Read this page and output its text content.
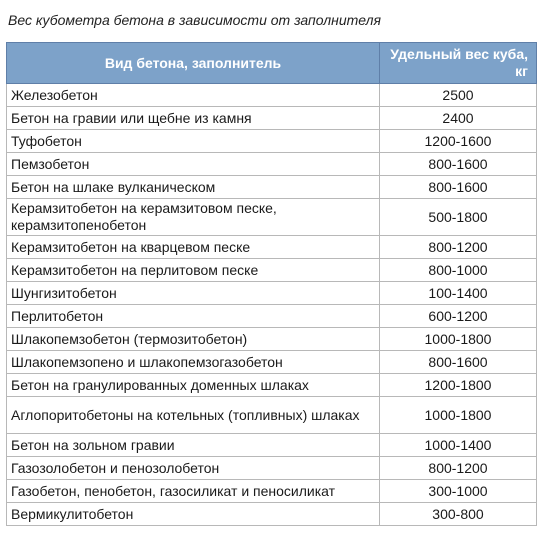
Вес кубометра бетона в зависимости от заполнителя
Вид бетона, заполнитель	Удельный вес куба, кг
Железобетон	2500
Бетон на гравии или щебне из камня	2400
Туфобетон	1200-1600
Пемзобетон	800-1600
Бетон на шлаке вулканическом	800-1600
Керамзитобетон на керамзитовом песке, керамзитопенобетон	500-1800
Керамзитобетон на кварцевом песке	800-1200
Керамзитобетон на перлитовом песке	800-1000
Шунгизитобетон	100-1400
Перлитобетон	600-1200
Шлакопемзобетон (термозитобетон)	1000-1800
Шлакопемзопено и шлакопемзогазобетон	800-1600
Бетон на гранулированных доменных шлаках	1200-1800
Аглопоритобетоны на котельных (топливных) шлаках	1000-1800
Бетон на зольном гравии	1000-1400
Газозолобетон и пенозолобетон	800-1200
Газобетон, пенобетон, газосиликат и пеносиликат	300-1000
Вермикулитобетон	300-800
